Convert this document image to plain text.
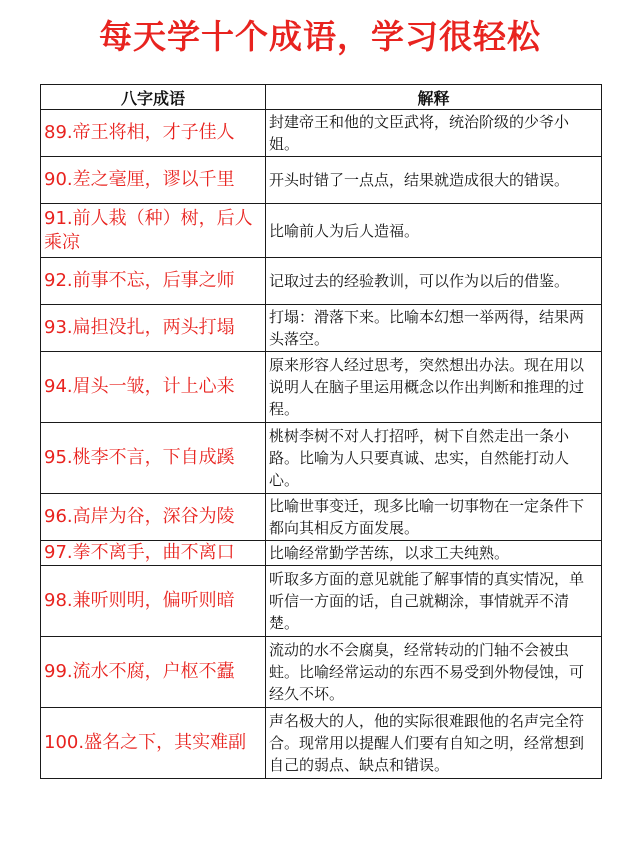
每天学十个成语，学习很轻松
八字成语	解释
89.帝王将相，才子佳人	封建帝王和他的文臣武将，统治阶级的少爷小姐。
90.差之毫厘，谬以千里	开头时错了一点点，结果就造成很大的错误。
91.前人栽（种）树，后人乘凉	比喻前人为后人造福。
92.前事不忘，后事之师	记取过去的经验教训，可以作为以后的借鉴。
93.扁担没扎，两头打塌	打塌：滑落下来。比喻本幻想一举两得，结果两头落空。
94.眉头一皱，计上心来	原来形容人经过思考，突然想出办法。现在用以说明人在脑子里运用概念以作出判断和推理的过程。
95.桃李不言，下自成蹊	桃树李树不对人打招呼，树下自然走出一条小路。比喻为人只要真诚、忠实，自然能打动人心。
96.高岸为谷，深谷为陵	比喻世事变迁，现多比喻一切事物在一定条件下都向其相反方面发展。
97.拳不离手，曲不离口	比喻经常勤学苦练，以求工夫纯熟。
98.兼听则明，偏听则暗	听取多方面的意见就能了解事情的真实情况，单听信一方面的话，自己就糊涂，事情就弄不清楚。
99.流水不腐，户枢不蠹	流动的水不会腐臭，经常转动的门轴不会被虫蛀。比喻经常运动的东西不易受到外物侵蚀，可经久不坏。
100.盛名之下，其实难副	声名极大的人，他的实际很难跟他的名声完全符合。现常用以提醒人们要有自知之明，经常想到自己的弱点、缺点和错误。
